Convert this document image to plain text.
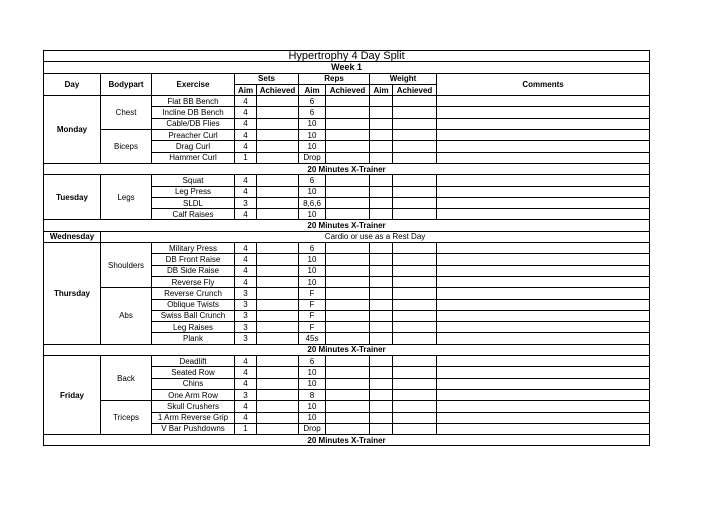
Hypertrophy 4 Day Split									
Week 1									
Day	Bodypart	Exercise	Sets		Reps		Weight		Comments
			Aim	Achieved	Aim	Achieved	Aim	Achieved	
Monday	Chest	Flat BB Bench	4		6				
		Incline DB Bench	4		6				
		Cable/DB Flies	4		10				
	Biceps	Preacher Curl	4		10				
		Drag Curl	4		10				
		Hammer Curl	1		Drop				
20 Minutes X-Trainer									
Tuesday	Legs	Squat	4		6				
		Leg Press	4		10				
		SLDL	3		8,6,6				
		Calf Raises	4		10				
20 Minutes X-Trainer									
Wednesday	Cardio or use as a Rest Day								
Thursday	Shoulders	Military Press	4		6				
		DB Front Raise	4		10				
		DB Side Raise	4		10				
		Reverse Fly	4		10				
	Abs	Reverse Crunch	3		F				
		Oblique Twists	3		F				
		Swiss Ball Crunch	3		F				
		Leg Raises	3		F				
		Plank	3		45s				
20 Minutes X-Trainer									
Friday	Back	Deadlift	4		6				
		Seated Row	4		10				
		Chins	4		10				
		One Arm Row	3		8				
	Triceps	Skull Crushers	4		10				
		1 Arm Reverse Grip	4		10				
		V Bar Pushdowns	1		Drop				
20 Minutes X-Trainer									
